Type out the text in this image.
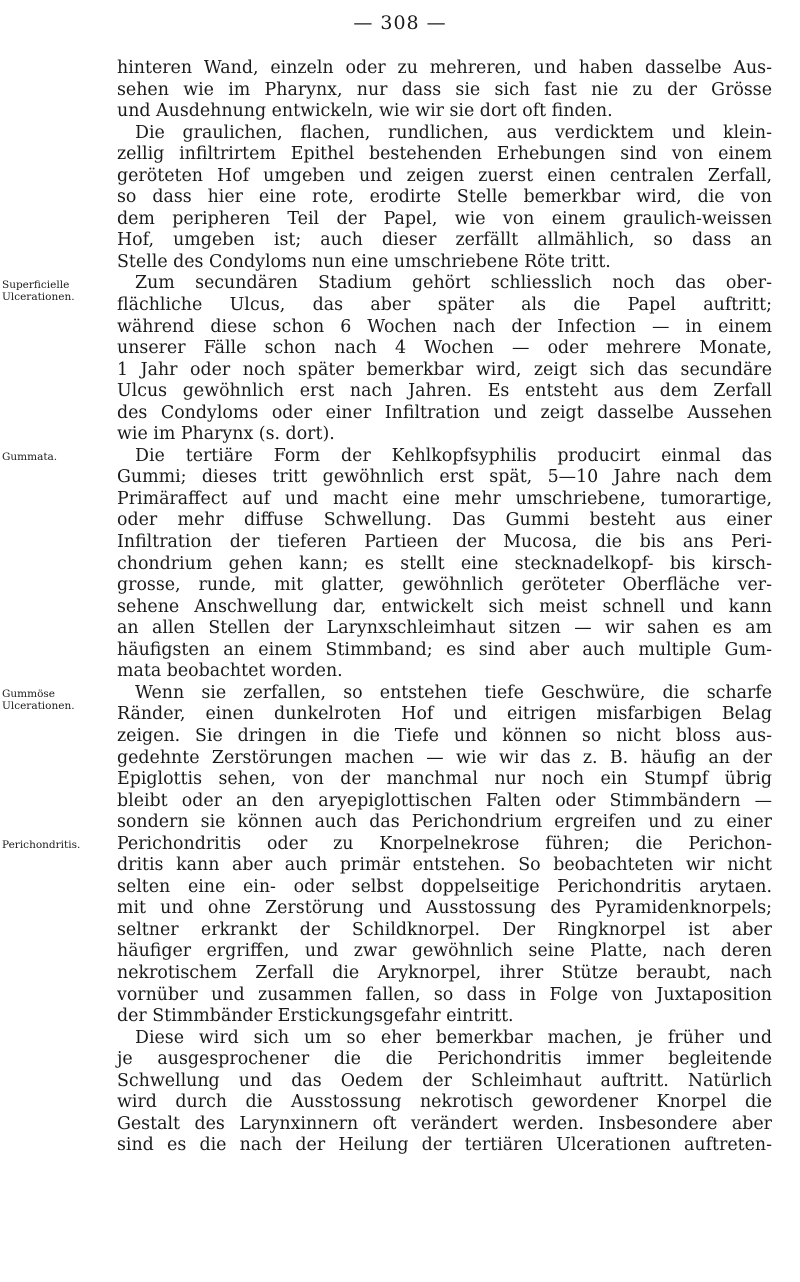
— 308 —
hinteren Wand, einzeln oder zu mehreren, und haben dasselbe Aus-
sehen wie im Pharynx, nur dass sie sich fast nie zu der Grösse
und Ausdehnung entwickeln, wie wir sie dort oft finden.
Die graulichen, flachen, rundlichen, aus verdicktem und klein-
zellig infiltrirtem Epithel bestehenden Erhebungen sind von einem
geröteten Hof umgeben und zeigen zuerst einen centralen Zerfall,
so dass hier eine rote, erodirte Stelle bemerkbar wird, die von
dem peripheren Teil der Papel, wie von einem graulich-weissen
Hof, umgeben ist; auch dieser zerfällt allmählich, so dass an
Stelle des Condyloms nun eine umschriebene Röte tritt.
Zum secundären Stadium gehört schliesslich noch das ober-
flächliche Ulcus, das aber später als die Papel auftritt;
während diese schon 6 Wochen nach der Infection — in einem
unserer Fälle schon nach 4 Wochen — oder mehrere Monate,
1 Jahr oder noch später bemerkbar wird, zeigt sich das secundäre
Ulcus gewöhnlich erst nach Jahren. Es entsteht aus dem Zerfall
des Condyloms oder einer Infiltration und zeigt dasselbe Aussehen
wie im Pharynx (s. dort).
Die tertiäre Form der Kehlkopfsyphilis producirt einmal das
Gummi; dieses tritt gewöhnlich erst spät, 5—10 Jahre nach dem
Primäraffect auf und macht eine mehr umschriebene, tumorartige,
oder mehr diffuse Schwellung. Das Gummi besteht aus einer
Infiltration der tieferen Partieen der Mucosa, die bis ans Peri-
chondrium gehen kann; es stellt eine stecknadelkopf- bis kirsch-
grosse, runde, mit glatter, gewöhnlich geröteter Oberfläche ver-
sehene Anschwellung dar, entwickelt sich meist schnell und kann
an allen Stellen der Larynxschleimhaut sitzen — wir sahen es am
häufigsten an einem Stimmband; es sind aber auch multiple Gum-
mata beobachtet worden.
Wenn sie zerfallen, so entstehen tiefe Geschwüre, die scharfe
Ränder, einen dunkelroten Hof und eitrigen misfarbigen Belag
zeigen. Sie dringen in die Tiefe und können so nicht bloss aus-
gedehnte Zerstörungen machen — wie wir das z. B. häufig an der
Epiglottis sehen, von der manchmal nur noch ein Stumpf übrig
bleibt oder an den aryepiglottischen Falten oder Stimmbändern —
sondern sie können auch das Perichondrium ergreifen und zu einer
Perichondritis oder zu Knorpelnekrose führen; die Perichon-
dritis kann aber auch primär entstehen. So beobachteten wir nicht
selten eine ein- oder selbst doppelseitige Perichondritis arytaen.
mit und ohne Zerstörung und Ausstossung des Pyramidenknorpels;
seltner erkrankt der Schildknorpel. Der Ringknorpel ist aber
häufiger ergriffen, und zwar gewöhnlich seine Platte, nach deren
nekrotischem Zerfall die Aryknorpel, ihrer Stütze beraubt, nach
vornüber und zusammen fallen, so dass in Folge von Juxtaposition
der Stimmbänder Erstickungsgefahr eintritt.
Diese wird sich um so eher bemerkbar machen, je früher und
je ausgesprochener die die Perichondritis immer begleitende
Schwellung und das Oedem der Schleimhaut auftritt. Natürlich
wird durch die Ausstossung nekrotisch gewordener Knorpel die
Gestalt des Larynxinnern oft verändert werden. Insbesondere aber
sind es die nach der Heilung der tertiären Ulcerationen auftreten-
Superficielle
Ulcerationen.
Gummata.
Gummöse
Ulcerationen.
Perichondritis.
